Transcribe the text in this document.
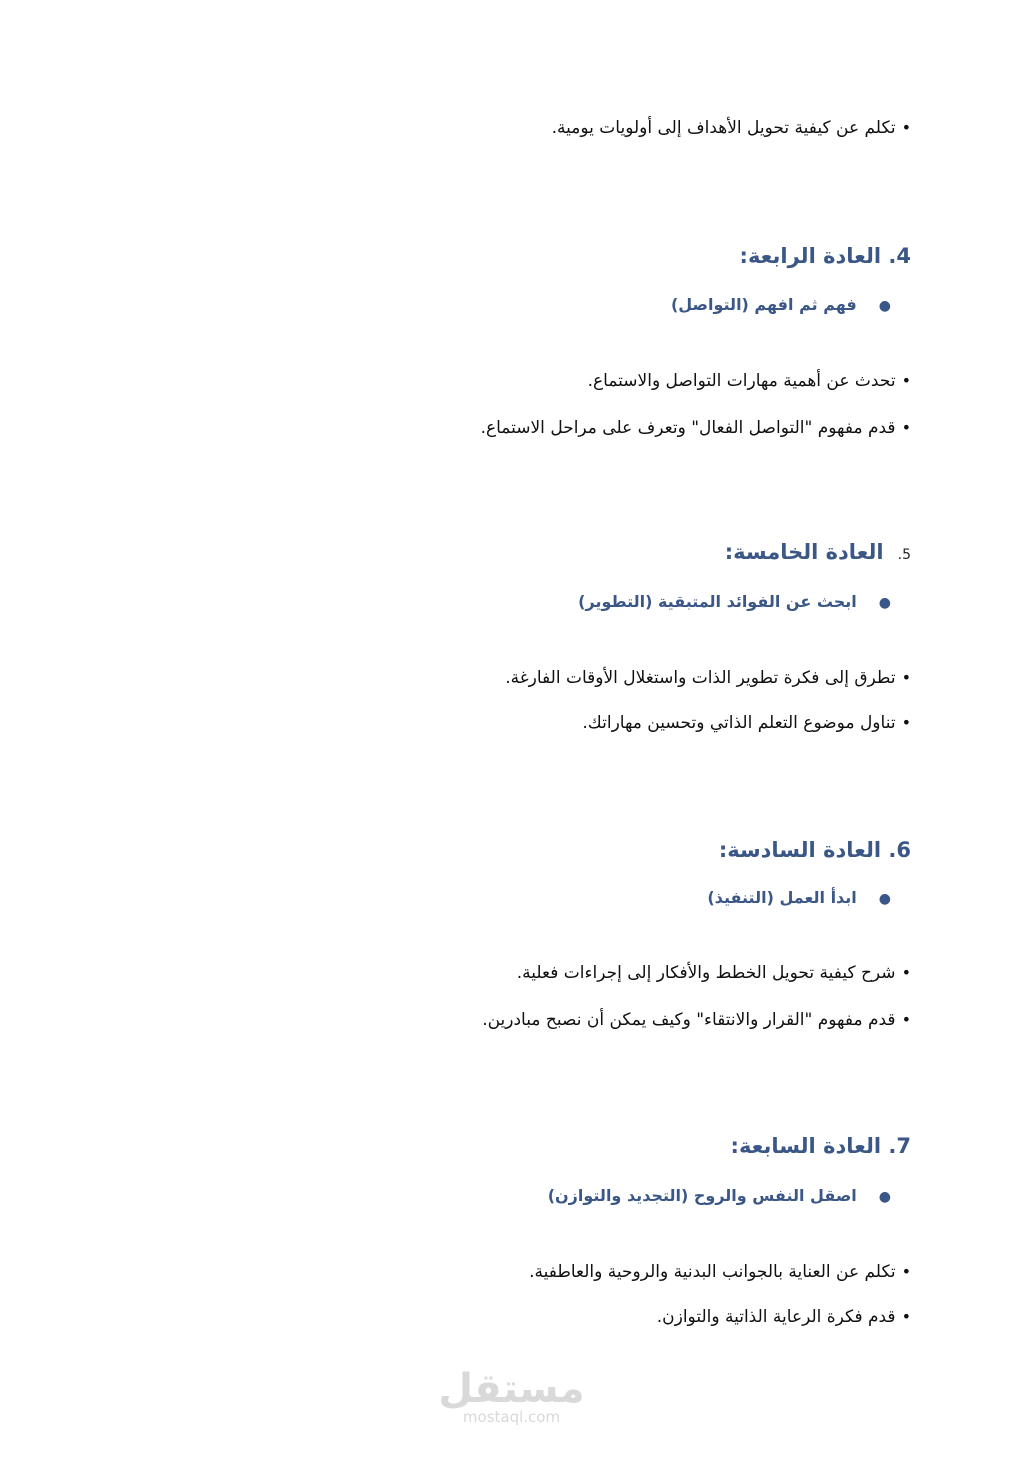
•تكلم عن كيفية تحويل الأهداف إلى أولويات يومية.
4. العادة الرابعة:
●فهم ثم افهم (التواصل)
•تحدث عن أهمية مهارات التواصل والاستماع.
•قدم مفهوم "التواصل الفعال" وتعرف على مراحل الاستماع.
5.العادة الخامسة:
●ابحث عن الفوائد المتبقية (التطوير)
•تطرق إلى فكرة تطوير الذات واستغلال الأوقات الفارغة.
•تناول موضوع التعلم الذاتي وتحسين مهاراتك.
6. العادة السادسة:
●ابدأ العمل (التنفيذ)
•شرح كيفية تحويل الخطط والأفكار إلى إجراءات فعلية.
•قدم مفهوم "القرار والانتقاء" وكيف يمكن أن نصبح مبادرين.
7. العادة السابعة:
●اصقل النفس والروح (التجديد والتوازن)
•تكلم عن العناية بالجوانب البدنية والروحية والعاطفية.
•قدم فكرة الرعاية الذاتية والتوازن.
مستقل
mostaql.com
